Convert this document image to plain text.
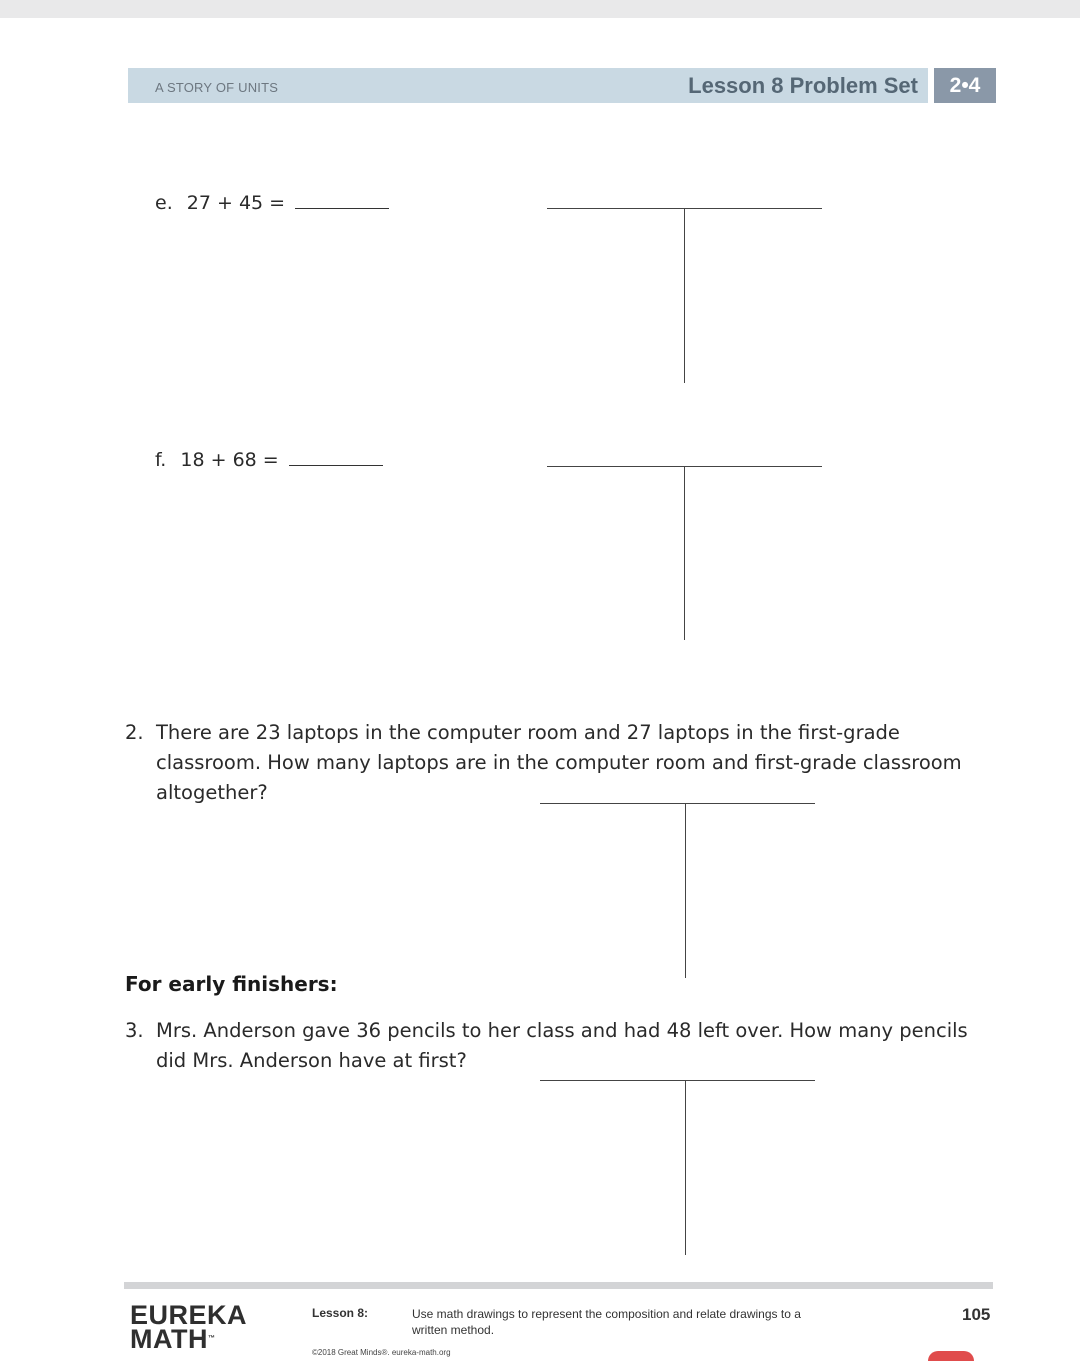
A STORY OF UNITS	Lesson 8 Problem Set	2•4
e. 27 + 45 =
f. 18 + 68 =
2. There are 23 laptops in the computer room and 27 laptops in the first-grade classroom. How many laptops are in the computer room and first-grade classroom altogether?
For early finishers:
3. Mrs. Anderson gave 36 pencils to her class and had 48 left over. How many pencils did Mrs. Anderson have at first?
EUREKA
MATH™
Lesson 8:	Use math drawings to represent the composition and relate drawings to a written method.
©2018 Great Minds®. eureka-math.org
105
